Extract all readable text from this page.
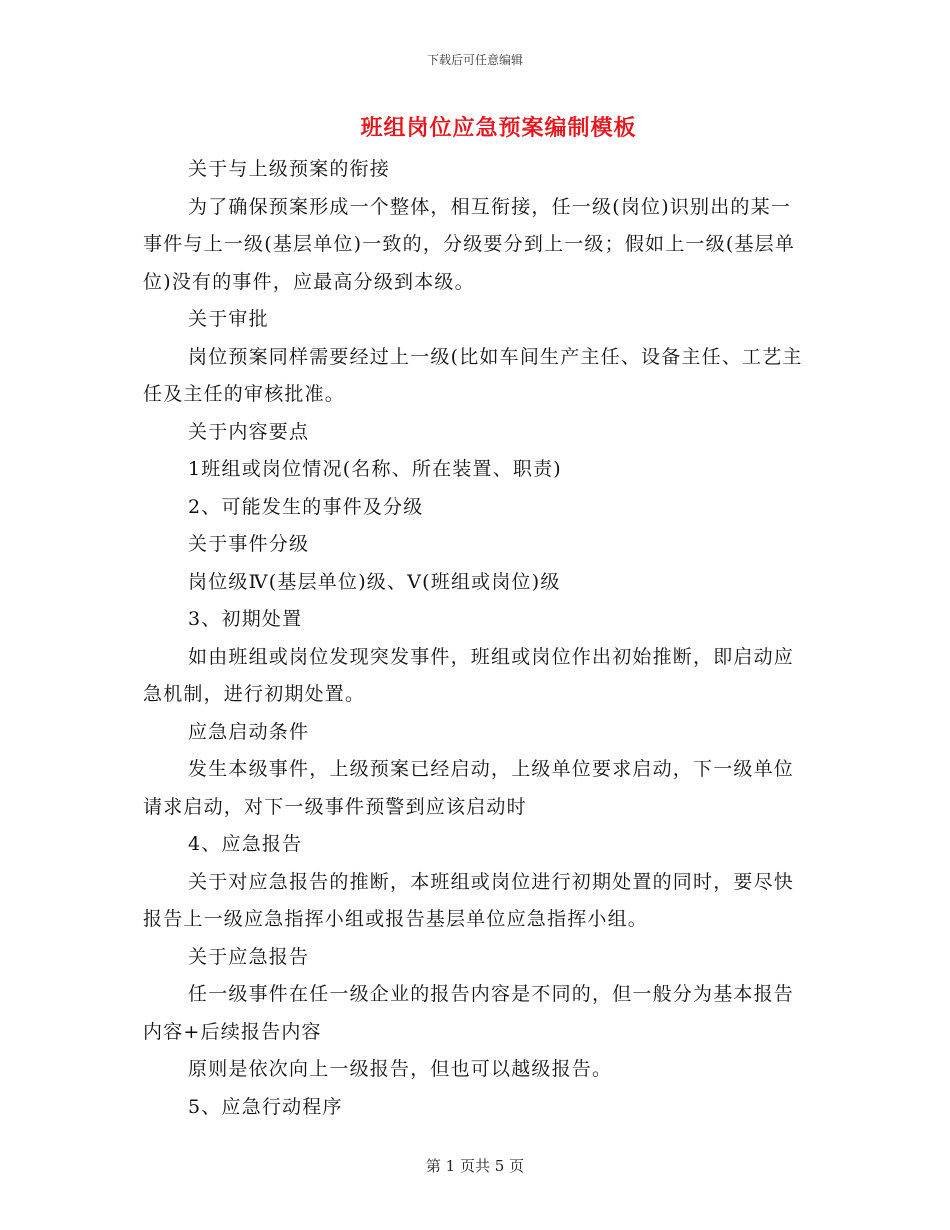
下载后可任意编辑
班组岗位应急预案编制模板

关于与上级预案的衔接

为了确保预案形成一个整体，相互衔接，任一级(岗位)识别出的某一事件与上一级(基层单位)一致的，分级要分到上一级；假如上一级(基层单位)没有的事件，应最高分级到本级。

关于审批

岗位预案同样需要经过上一级(比如车间生产主任、设备主任、工艺主任及主任的审核批准。

关于内容要点

1班组或岗位情况(名称、所在装置、职责)

2、可能发生的事件及分级

关于事件分级

岗位级Ⅳ(基层单位)级、Ⅴ(班组或岗位)级

3、初期处置

如由班组或岗位发现突发事件，班组或岗位作出初始推断，即启动应急机制，进行初期处置。

应急启动条件

发生本级事件，上级预案已经启动，上级单位要求启动，下一级单位请求启动，对下一级事件预警到应该启动时

4、应急报告

关于对应急报告的推断，本班组或岗位进行初期处置的同时，要尽快报告上一级应急指挥小组或报告基层单位应急指挥小组。

关于应急报告

任一级事件在任一级企业的报告内容是不同的，但一般分为基本报告内容+后续报告内容

原则是依次向上一级报告，但也可以越级报告。

5、应急行动程序

第 1 页共 5 页
